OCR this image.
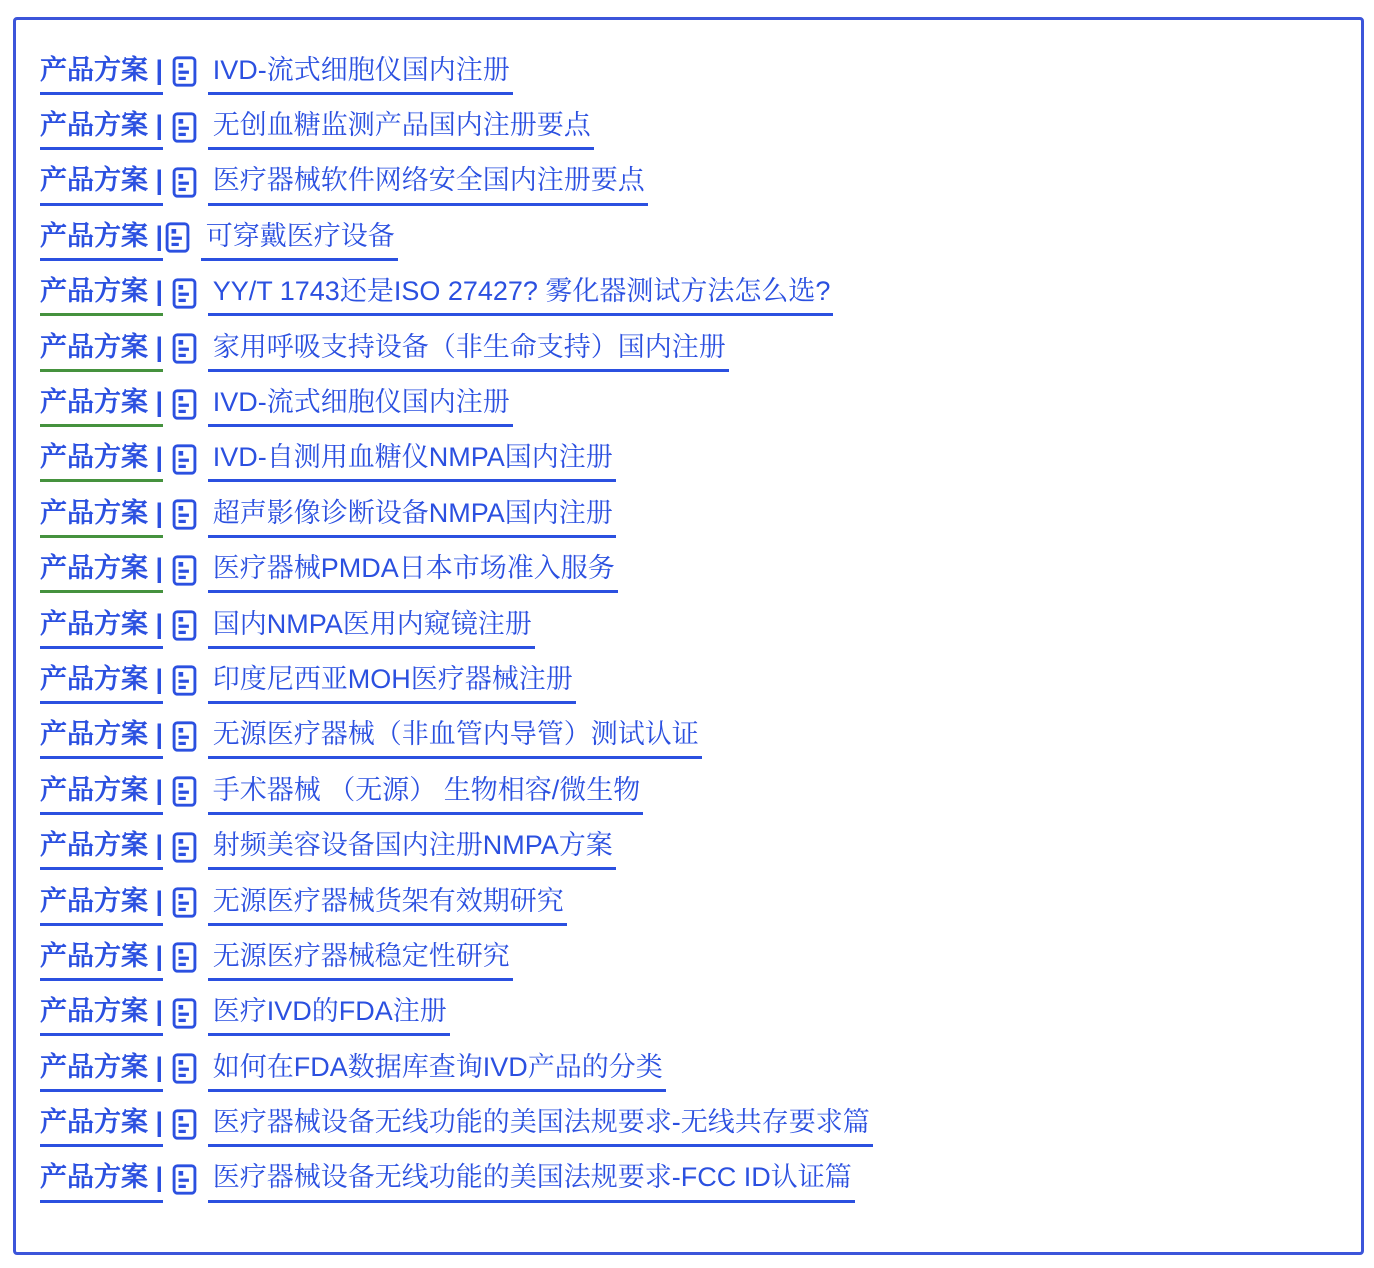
产品方案 |

IVD-流式细胞仪国内注册
产品方案 |

无创血糖监测产品国内注册要点
产品方案 |

医疗器械软件网络安全国内注册要点
产品方案 |

可穿戴医疗设备
产品方案 |

YY/T 1743还是ISO 27427? 雾化器测试方法怎么选?
产品方案 |

家用呼吸支持设备（非生命支持）国内注册
产品方案 |

IVD-流式细胞仪国内注册
产品方案 |

IVD-自测用血糖仪NMPA国内注册
产品方案 |

超声影像诊断设备NMPA国内注册
产品方案 |

医疗器械PMDA日本市场准入服务
产品方案 |

国内NMPA医用内窥镜注册
产品方案 |

印度尼西亚MOH医疗器械注册
产品方案 |

无源医疗器械（非血管内导管）测试认证
产品方案 |

手术器械 （无源） 生物相容/微生物
产品方案 |

射频美容设备国内注册NMPA方案
产品方案 |

无源医疗器械货架有效期研究
产品方案 |

无源医疗器械稳定性研究
产品方案 |

医疗IVD的FDA注册
产品方案 |

如何在FDA数据库查询IVD产品的分类
产品方案 |

医疗器械设备无线功能的美国法规要求-无线共存要求篇
产品方案 |

医疗器械设备无线功能的美国法规要求-FCC ID认证篇
